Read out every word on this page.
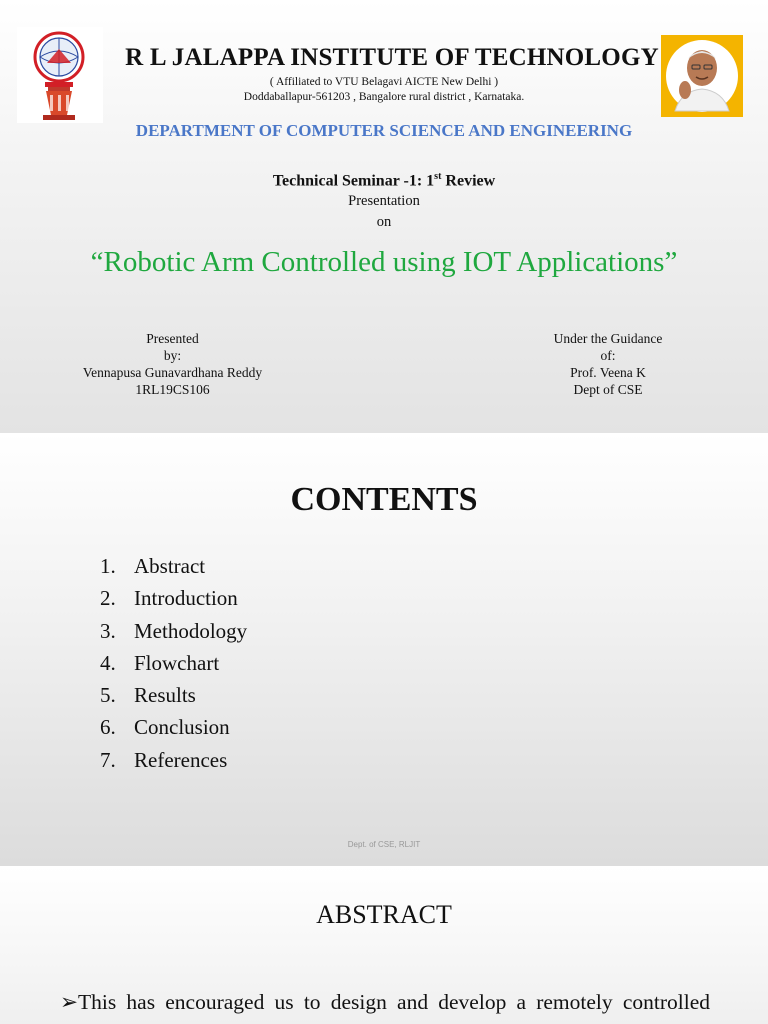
R L JALAPPA INSTITUTE OF TECHNOLOGY
( Affiliated to VTU Belagavi AICTE New Delhi )
Doddaballapur-561203 , Bangalore rural district , Karnataka.
DEPARTMENT OF COMPUTER SCIENCE AND ENGINEERING
Technical Seminar -1: 1st Review
Presentation
on
“Robotic Arm Controlled using IOT Applications”
Presented
by:
Vennapusa Gunavardhana Reddy
1RL19CS106
Under the Guidance
of:
Prof. Veena K
Dept of CSE
CONTENTS
1. Abstract
2. Introduction
3. Methodology
4. Flowchart
5. Results
6. Conclusion
7. References
Dept. of CSE, RLJIT
ABSTRACT
➢This has encouraged us to design and develop a remotely controlled
